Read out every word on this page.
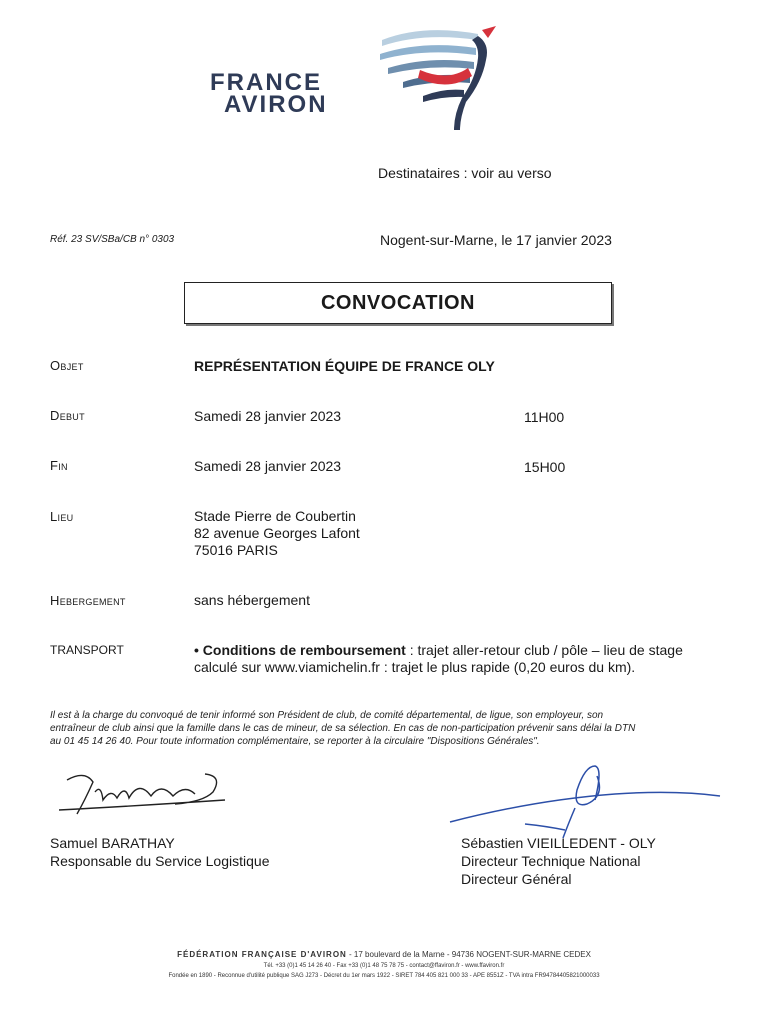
FRANCE
AVIRON
Destinataires : voir au verso
Réf. 23 SV/SBa/CB n° 0303	Nogent-sur-Marne, le 17 janvier 2023
CONVOCATION
Objet	REPRÉSENTATION ÉQUIPE DE FRANCE OLY
Debut	Samedi 28 janvier 2023	11H00
Fin	Samedi 28 janvier 2023	15H00
Lieu	Stade Pierre de Coubertin
82 avenue Georges Lafont
75016 PARIS
Hebergement	sans hébergement
TRANSPORT	• Conditions de remboursement : trajet aller-retour club / pôle – lieu de stage
calculé sur www.viamichelin.fr : trajet le plus rapide (0,20 euros du km).
Il est à la charge du convoqué de tenir informé son Président de club, de comité départemental, de ligue, son employeur, son
entraîneur de club ainsi que la famille dans le cas de mineur, de sa sélection. En cas de non-participation prévenir sans délai la DTN
au 01 45 14 26 40. Pour toute information complémentaire, se reporter à la circulaire "Dispositions Générales".
Samuel BARATHAY
Responsable du Service Logistique
Sébastien VIEILLEDENT - OLY
Directeur Technique National
Directeur Général
FÉDÉRATION FRANÇAISE D'AVIRON - 17 boulevard de la Marne - 94736 NOGENT-SUR-MARNE CEDEX
Tél. +33 (0)1 45 14 26 40 - Fax +33 (0)1 48 75 78 75 - contact@ffaviron.fr - www.ffaviron.fr
Fondée en 1890 - Reconnue d'utilité publique SAG J273 - Décret du 1er mars 1922 - SIRET 784 405 821 000 33 - APE 8551Z - TVA intra FR94784405821000033
